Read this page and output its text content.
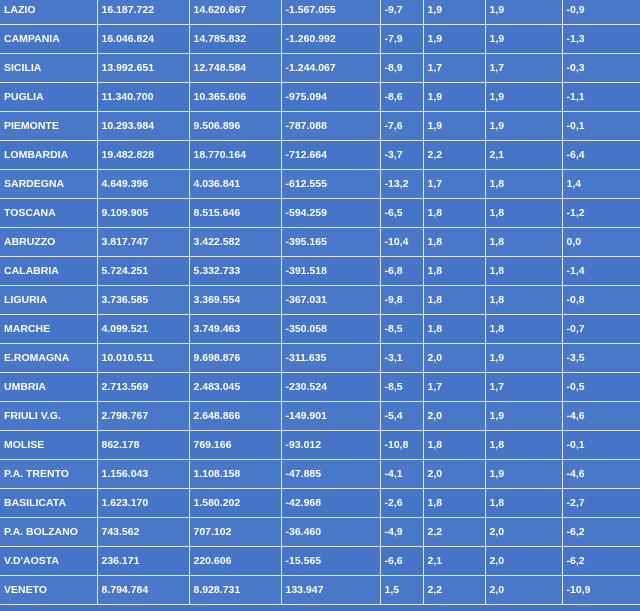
LAZIO	16.187.722	14.620.667	-1.567.055	-9,7	1,9	1,9	-0,9
CAMPANIA	16.046.824	14.785.832	-1.260.992	-7,9	1,9	1,9	-1,3
SICILIA	13.992.651	12.748.584	-1.244.067	-8,9	1,7	1,7	-0,3
PUGLIA	11.340.700	10.365.606	-975.094	-8,6	1,9	1,9	-1,1
PIEMONTE	10.293.984	9.506.896	-787.088	-7,6	1,9	1,9	-0,1
LOMBARDIA	19.482.828	18.770.164	-712.664	-3,7	2,2	2,1	-6,4
SARDEGNA	4.649.396	4.036.841	-612.555	-13,2	1,7	1,8	1,4
TOSCANA	9.109.905	8.515.646	-594.259	-6,5	1,8	1,8	-1,2
ABRUZZO	3.817.747	3.422.582	-395.165	-10,4	1,8	1,8	0,0
CALABRIA	5.724.251	5.332.733	-391.518	-6,8	1,8	1,8	-1,4
LIGURIA	3.736.585	3.369.554	-367.031	-9,8	1,8	1,8	-0,8
MARCHE	4.099.521	3.749.463	-350.058	-8,5	1,8	1,8	-0,7
E.ROMAGNA	10.010.511	9.698.876	-311.635	-3,1	2,0	1,9	-3,5
UMBRIA	2.713.569	2.483.045	-230.524	-8,5	1,7	1,7	-0,5
FRIULI V.G.	2.798.767	2.648.866	-149.901	-5,4	2,0	1,9	-4,6
MOLISE	862.178	769.166	-93.012	-10,8	1,8	1,8	-0,1
P.A. TRENTO	1.156.043	1.108.158	-47.885	-4,1	2,0	1,9	-4,6
BASILICATA	1.623.170	1.580.202	-42.968	-2,6	1,8	1,8	-2,7
P.A. BOLZANO	743.562	707.102	-36.460	-4,9	2,2	2,0	-6,2
V.D'AOSTA	236.171	220.606	-15.565	-6,6	2,1	2,0	-6,2
VENETO	8.794.784	8.928.731	133.947	1,5	2,2	2,0	-10,9
